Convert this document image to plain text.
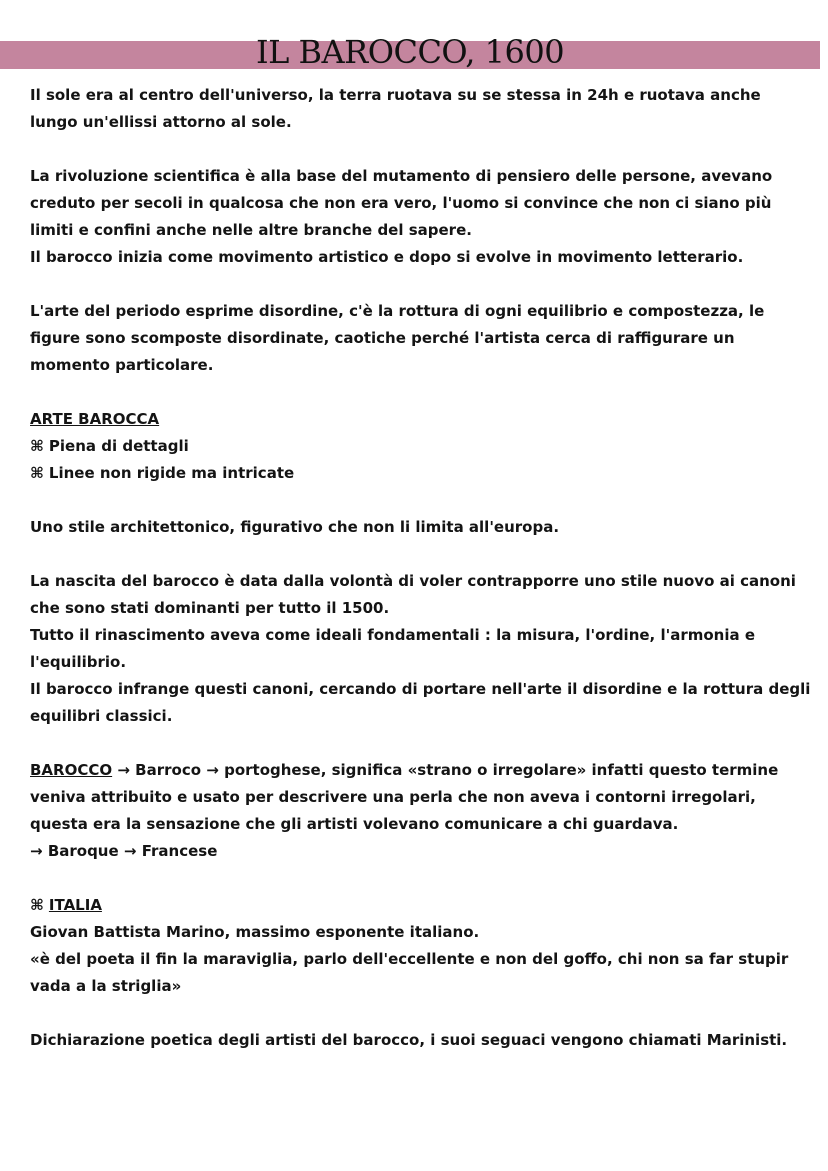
IL BAROCCO, 1600

Il sole era al centro dell'universo, la terra ruotava su se stessa in 24h e ruotava anche lungo un'ellissi attorno al sole.

La rivoluzione scientifica è alla base del mutamento di pensiero delle persone, avevano creduto per secoli in qualcosa che non era vero, l'uomo si convince che non ci siano più limiti e confini anche nelle altre branche del sapere.

Il barocco inizia come movimento artistico e dopo si evolve in movimento letterario.

L'arte del periodo esprime disordine, c'è la rottura di ogni equilibrio e compostezza, le figure sono scomposte disordinate, caotiche perché l'artista cerca di raffigurare un momento particolare.

ARTE BAROCCA

⌘ Piena di dettagli

⌘ Linee non rigide ma intricate

Uno stile architettonico, figurativo che non li limita all'europa.

La nascita del barocco è data dalla volontà di voler contrapporre uno stile nuovo ai canoni che sono stati dominanti per tutto il 1500.

Tutto il rinascimento aveva come ideali fondamentali : la misura, l'ordine, l'armonia e l'equilibrio.

Il barocco infrange questi canoni, cercando di portare nell'arte il disordine e la rottura degli equilibri classici.

BAROCCO → Barroco → portoghese, significa «strano o irregolare» infatti questo termine veniva attribuito e usato per descrivere una perla che non aveva i contorni irregolari, questa era la sensazione che gli artisti volevano comunicare a chi guardava.

→ Baroque → Francese

⌘ ITALIA

Giovan Battista Marino, massimo esponente italiano.

«è del poeta il fin la maraviglia, parlo dell'eccellente e non del goffo, chi non sa far stupir vada a la striglia»

Dichiarazione poetica degli artisti del barocco, i suoi seguaci vengono chiamati Marinisti.
